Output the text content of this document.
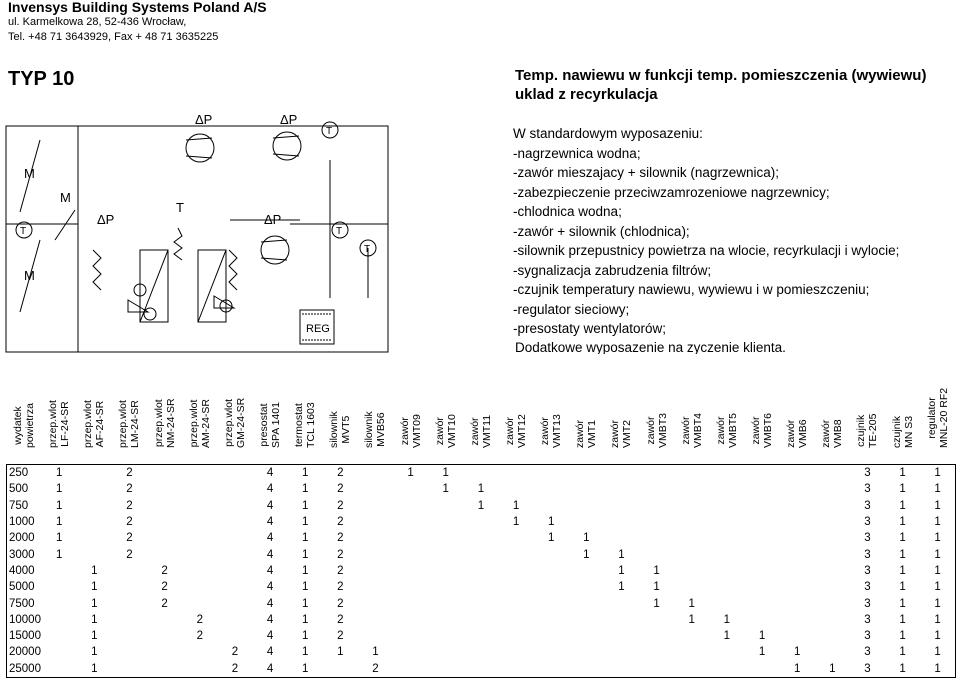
Invensys Building Systems Poland A/S
ul. Karmelkowa 28, 52-436 Wrocław,
Tel. +48 71 3643929, Fax + 48 71 3635225
TYP 10	Temp. nawiewu w funkcji temp. pomieszczenia (wywiewu)
uklad z recyrkulacja
ΔP	ΔP
ΔP	ΔP
M
M
M
T
T
T	T
T
REG
W standardowym wyposazeniu:
-nagrzewnica wodna;
-zawór mieszajacy + silownik (nagrzewnica);
-zabezpieczenie przeciwzamrozeniowe nagrzewnicy;
-chlodnica wodna;
-zawór + silownik (chlodnica);
-silownik przepustnicy powietrza na wlocie, recyrkulacji i wylocie;
-sygnalizacja zabrudzenia filtrów;
-czujnik temperatury nawiewu, wywiewu i w pomieszczeniu;
-regulator sieciowy;
-presostaty wentylatorów;
Dodatkowe wyposazenie na zyczenie klienta.
wydatek powietrza	przep.wlot LF-24-SR	przep.wlot AF-24-SR	przep.wlot LM-24-SR	przep.wlot NM-24-SR	przep.wlot AM-24-SR	przep.wlot GM-24-SR	presostat SPA 1401	termostat TCL 1603	silownik MVT5	silownik MVB56	zawór VMT09	zawór VMT10	zawór VMT11	zawór VMT12	zawór VMT13	zawór VMT1	zawór VMT2	zawór VMBT3	zawór VMBT4	zawór VMBT5	zawór VMBT6	zawór VMB6	zawór VMB8	czujnik TE-205	czujnik MN S3	regulator MNL-20 RF2

250	1		2				4	1	2		1	1												3	1	1
500	1		2				4	1	2			1	1											3	1	1
750	1		2				4	1	2				1	1										3	1	1
1000	1		2				4	1	2					1	1									3	1	1
2000	1		2				4	1	2						1	1								3	1	1
3000	1		2				4	1	2							1	1							3	1	1
4000		1		2			4	1	2								1	1						3	1	1
5000		1		2			4	1	2								1	1						3	1	1
7500		1		2			4	1	2									1	1					3	1	1
10000		1			2		4	1	2										1	1				3	1	1
15000		1			2		4	1	2											1	1			3	1	1
20000		1				2	4	1	1	1											1	1		3	1	1
25000		1				2	4	1		2												1	1	3	1	1
